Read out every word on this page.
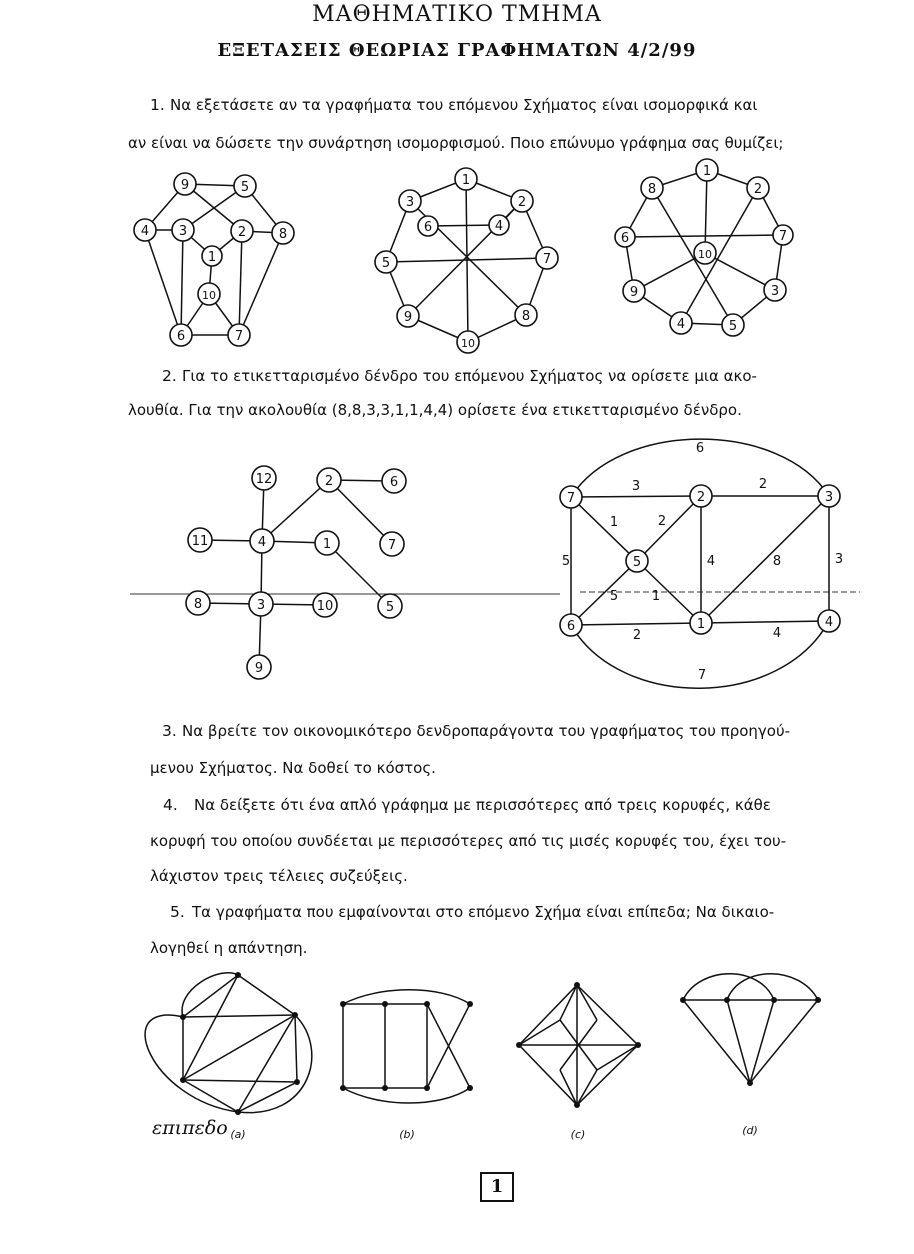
ΜΑΘΗΜΑΤΙΚΟ ΤΜΗΜΑ
ΕΞΕΤΑΣΕΙΣ ΘΕΩΡΙΑΣ ΓΡΑΦΗΜΑΤΩΝ 4/2/99
1. Να εξετάσετε αν τα γραφήματα του επόμενου Σχήματος είναι ισομορφικά και
αν είναι να δώσετε την συνάρτηση ισομορφισμού. Ποιο επώνυμο γράφημα σας θυμίζει;
9	5
4 3	2	8
1
10
6	7
1
3	2
6	4
5	7
9
10
8
1
8	2
6
10
7
9	3
4	5
2. Για το ετικετταρισμένο δένδρο του επόμενου Σχήματος να ορίσετε μια ακο-
λουθία. Για την ακολουθία (8,8,3,3,1,1,4,4) ορίσετε ένα ετικετταρισμένο δένδρο.
12	2	6
11	4	1	7
8	3	10	5
9
6
3	2
1	2
5	4	8	3
5	1
2	4
7
7	2	3
5
6	1	4
3. Να βρείτε τον οικονομικότερο δενδροπαράγοντα του γραφήματος του προηγού-
μενου Σχήματος. Να δοθεί το κόστος.
4. Να δείξετε ότι ένα απλό γράφημα με περισσότερες από τρεις κορυφές, κάθε
κορυφή του οποίου συνδέεται με περισσότερες από τις μισές κορυφές του, έχει του-
λάχιστον τρεις τέλειες συζεύξεις.
5. Τα γραφήματα που εμφαίνονται στο επόμενο Σχήμα είναι επίπεδα; Να δικαιο-
λογηθεί η απάντηση.
επιπεδο (a)	(b)	(c)	(d)
1
